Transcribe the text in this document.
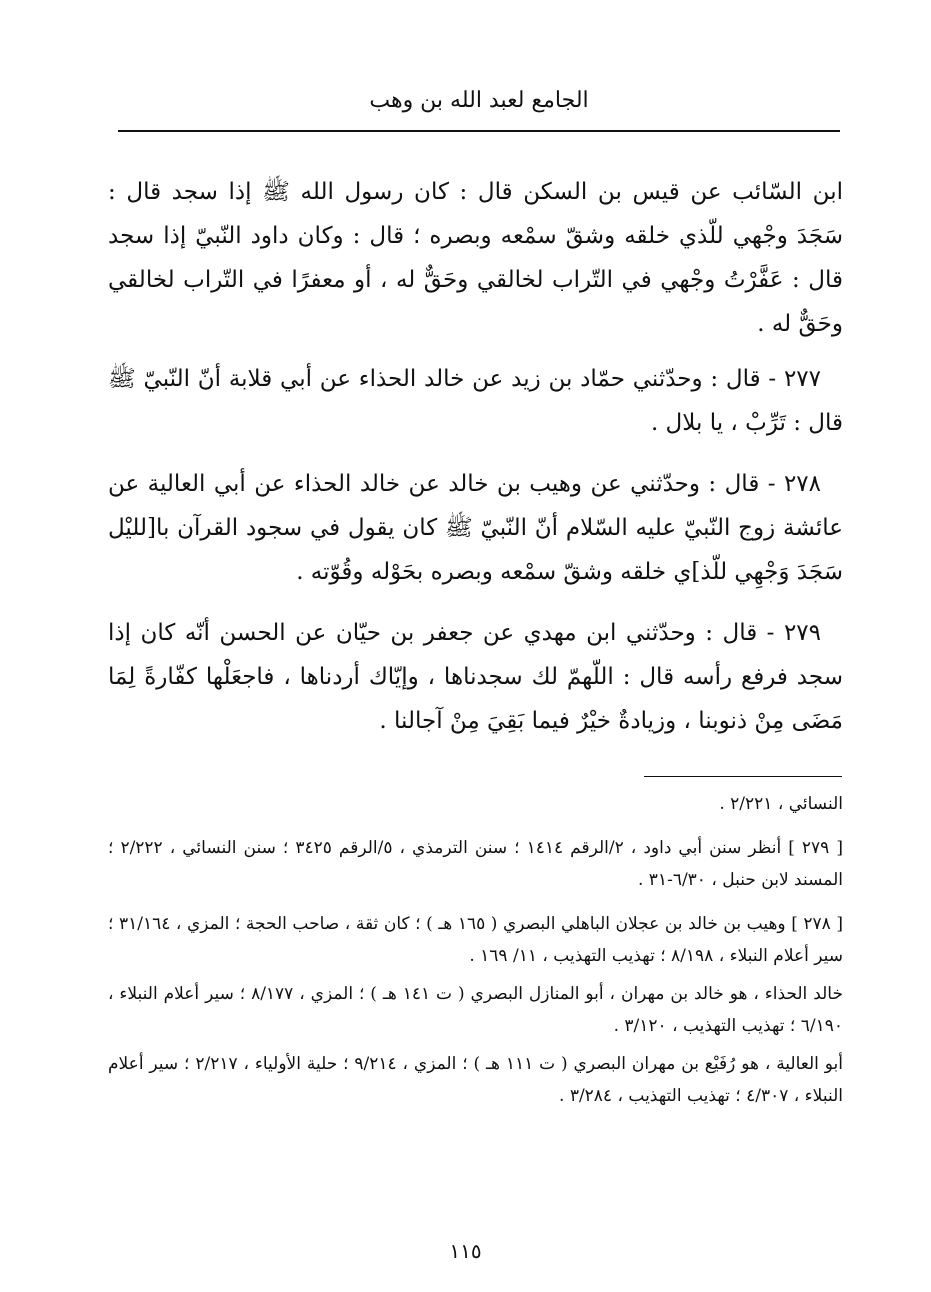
الجامع لعبد الله بن وهب

ابن السّائب عن قيس بن السكن قال : كان رسول الله ﷺ إذا سجد قال : سَجَدَ وجْهي للّذي خلقه وشقّ سمْعه وبصره ؛ قال : وكان داود النّبيّ إذا سجد قال : عَفَّرْتُ وجْهي في التّراب لخالقي وحَقٌّ له ، أو معفرًا في التّراب لخالقي وحَقٌّ له .

٢٧٧ - قال : وحدّثني حمّاد بن زيد عن خالد الحذاء عن أبي قلابة أنّ النّبيّ ﷺ قال : تَرِّبْ ، يا بلال .

٢٧٨ - قال : وحدّثني عن وهيب بن خالد عن خالد الحذاء عن أبي العالية عن عائشة زوج النّبيّ عليه السّلام أنّ النّبيّ ﷺ كان يقول في سجود القرآن با[لليْل سَجَدَ وَجْهِي للّذ]ي خلقه وشقّ سمْعه وبصره بحَوْله وقُوّته .

٢٧٩ - قال : وحدّثني ابن مهدي عن جعفر بن حيّان عن الحسن أنّه كان إذا سجد فرفع رأسه قال : اللّهمّ لك سجدناها ، وإيّاك أردناها ، فاجعَلْها كفّارةً لِمَا مَضَى مِنْ ذنوبنا ، وزيادةٌ خيْرٌ فيما بَقِيَ مِنْ آجالنا .

النسائي ، ٢/٢٢١ .

[ ٢٧٩ ] أنظر سنن أبي داود ، ٢/الرقم ١٤١٤ ؛ سنن الترمذي ، ٥/الرقم ٣٤٢٥ ؛ سنن النسائي ، ٢/٢٢٢ ؛ المسند لابن حنبل ، ٦/٣٠-٣١ .

[ ٢٧٨ ] وهيب بن خالد بن عجلان الباهلي البصري ( ١٦٥ هـ ) ؛ كان ثقة ، صاحب الحجة ؛ المزي ، ٣١/١٦٤ ؛ سير أعلام النبلاء ، ٨/١٩٨ ؛ تهذيب التهذيب ، ١١/ ١٦٩ .

خالد الحذاء ، هو خالد بن مهران ، أبو المنازل البصري ( ت ١٤١ هـ ) ؛ المزي ، ٨/١٧٧ ؛ سير أعلام النبلاء ، ٦/١٩٠ ؛ تهذيب التهذيب ، ٣/١٢٠ .

أبو العالية ، هو رُفَيْع بن مهران البصري ( ت ١١١ هـ ) ؛ المزي ، ٩/٢١٤ ؛ حلية الأولياء ، ٢/٢١٧ ؛ سير أعلام النبلاء ، ٤/٣٠٧ ؛ تهذيب التهذيب ، ٣/٢٨٤ .

١١٥
